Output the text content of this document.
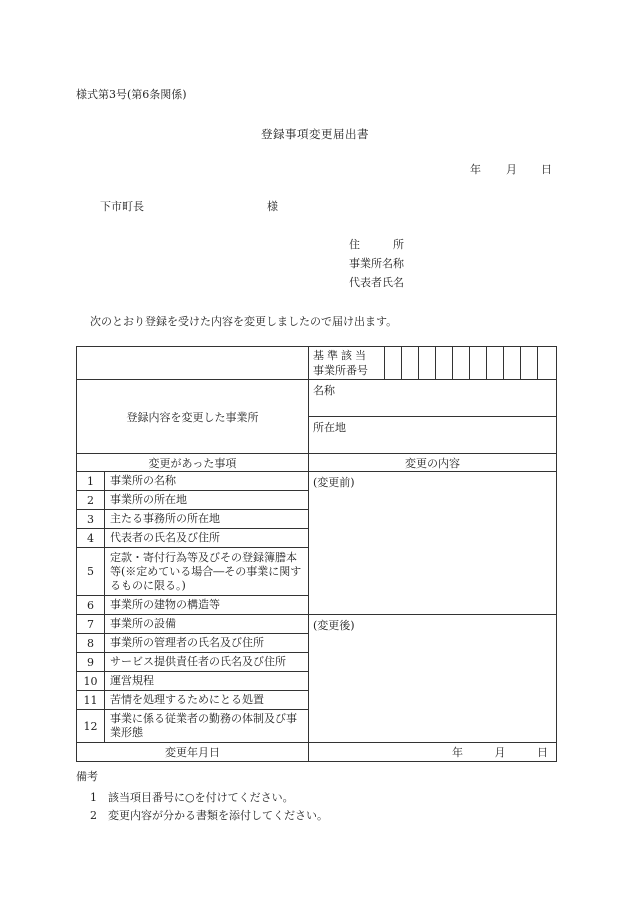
様式第3号(第6条関係)
登録事項変更届出書
年 月 日
下市町長	様
住　　　所
事業所名称
代表者氏名
次のとおり登録を受けた内容を変更しましたので届け出ます。

		基準該当
事業所番号										

登録内容を変更した事業所		名称										
		所在地										
変更があった事項		変更の内容										
1	事業所の名称	(変更前)										
2	事業所の所在地											
3	主たる事務所の所在地											
4	代表者の氏名及び住所											
5	定款・寄付行為等及びその登録簿謄本等(※定めている場合―その事業に関するものに限る。)											
6	事業所の建物の構造等											
7	事業所の設備	(変更後)										
8	事業所の管理者の氏名及び住所											
9	サービス提供責任者の氏名及び住所											
10	運営規程											
11	苦情を処理するためにとる処置											
12	事業に係る従業者の勤務の体制及び事業形態											
変更年月日		年 月 日										
備考
1 該当項目番号に○を付けてください。
2 変更内容が分かる書類を添付してください。
